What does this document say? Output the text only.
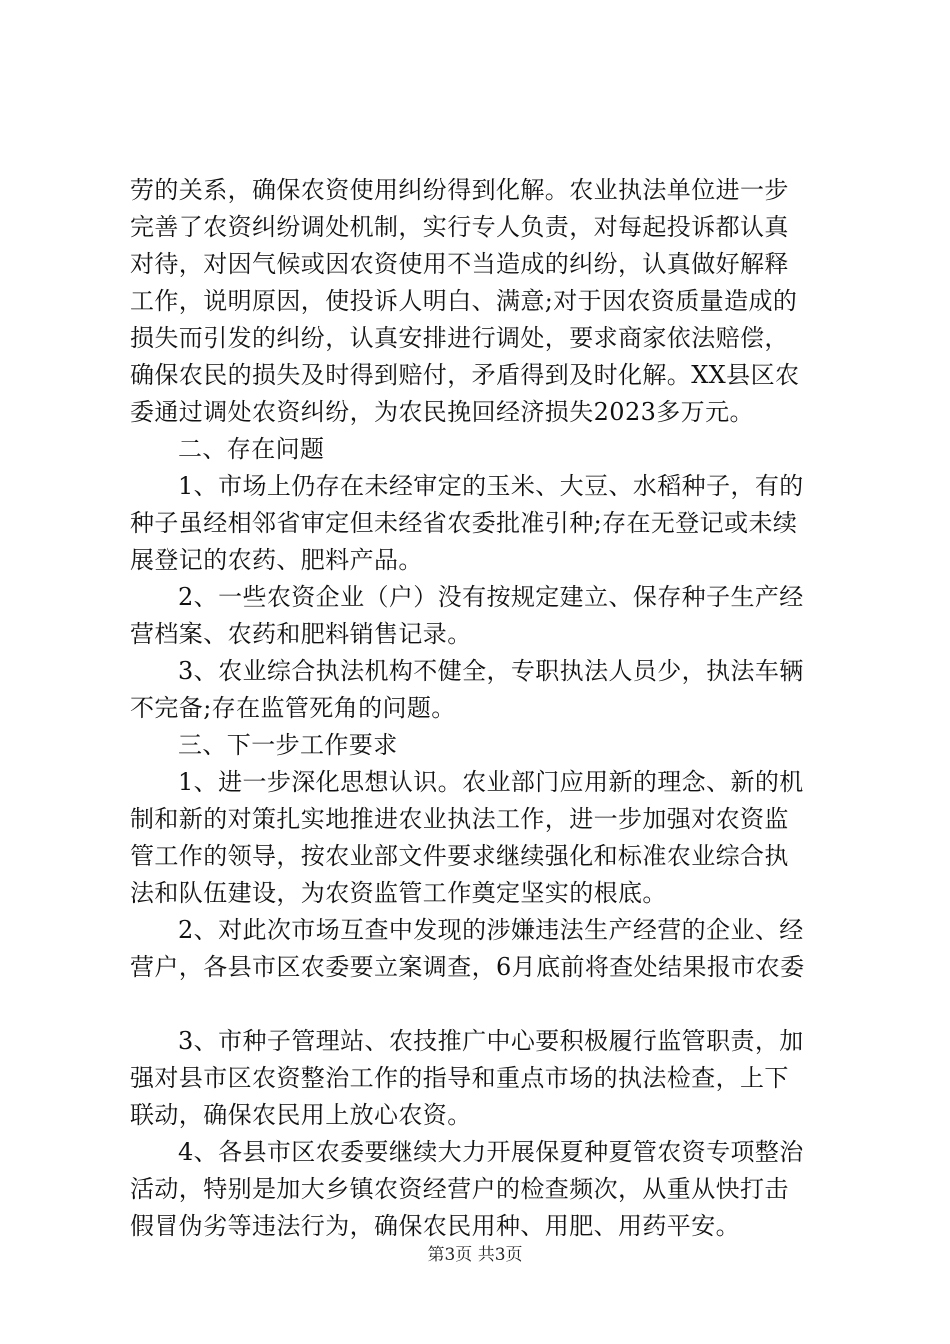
劳的关系，确保农资使用纠纷得到化解。农业执法单位进一步
完善了农资纠纷调处机制，实行专人负责，对每起投诉都认真
对待，对因气候或因农资使用不当造成的纠纷，认真做好解释
工作，说明原因，使投诉人明白、满意;对于因农资质量造成的
损失而引发的纠纷，认真安排进行调处，要求商家依法赔偿，
确保农民的损失及时得到赔付，矛盾得到及时化解。XX县区农
委通过调处农资纠纷，为农民挽回经济损失2023多万元。
二、存在问题
1、市场上仍存在未经审定的玉米、大豆、水稻种子，有的
种子虽经相邻省审定但未经省农委批准引种;存在无登记或未续
展登记的农药、肥料产品。
2、一些农资企业（户）没有按规定建立、保存种子生产经
营档案、农药和肥料销售记录。
3、农业综合执法机构不健全，专职执法人员少，执法车辆
不完备;存在监管死角的问题。
三、下一步工作要求
1、进一步深化思想认识。农业部门应用新的理念、新的机
制和新的对策扎实地推进农业执法工作，进一步加强对农资监
管工作的领导，按农业部文件要求继续强化和标准农业综合执
法和队伍建设，为农资监管工作奠定坚实的根底。
2、对此次市场互查中发现的涉嫌违法生产经营的企业、经
营户，各县市区农委要立案调查，6月底前将查处结果报市农委
3、市种子管理站、农技推广中心要积极履行监管职责，加
强对县市区农资整治工作的指导和重点市场的执法检查，上下
联动，确保农民用上放心农资。
4、各县市区农委要继续大力开展保夏种夏管农资专项整治
活动，特别是加大乡镇农资经营户的检查频次，从重从快打击
假冒伪劣等违法行为，确保农民用种、用肥、用药平安。
第3页 共3页
